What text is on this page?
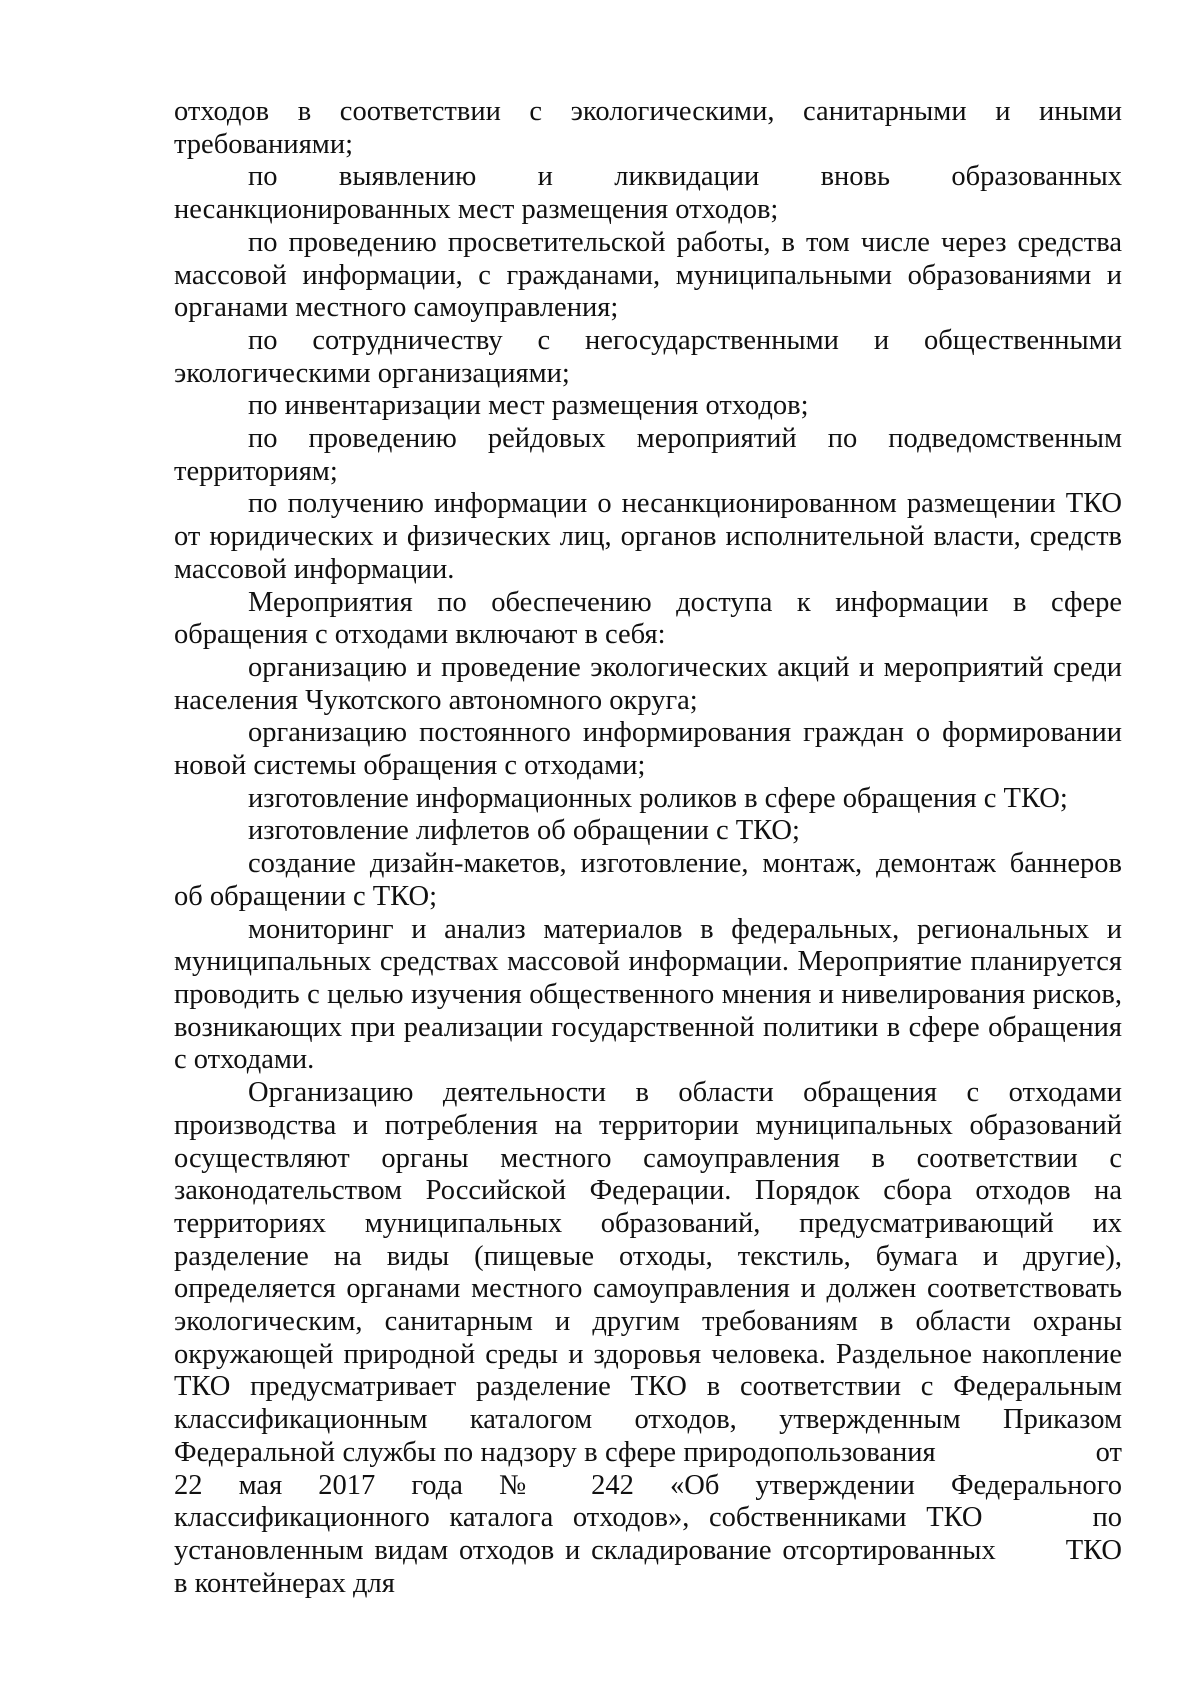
отходов в соответствии с экологическими, санитарными и иными требованиями;

по выявлению и ликвидации вновь образованных несанкционированных мест размещения отходов;

по проведению просветительской работы, в том числе через средства массовой информации, с гражданами, муниципальными образованиями и органами местного самоуправления;

по сотрудничеству с негосударственными и общественными экологическими организациями;

по инвентаризации мест размещения отходов;

по проведению рейдовых мероприятий по подведомственным территориям;

по получению информации о несанкционированном размещении ТКО от юридических и физических лиц, органов исполнительной власти, средств массовой информации.

Мероприятия по обеспечению доступа к информации в сфере обращения с отходами включают в себя:

организацию и проведение экологических акций и мероприятий среди населения Чукотского автономного округа;

организацию постоянного информирования граждан о формировании новой системы обращения с отходами;

изготовление информационных роликов в сфере обращения с ТКО;

изготовление лифлетов об обращении с ТКО;

создание дизайн-макетов, изготовление, монтаж, демонтаж баннеров об обращении с ТКО;

мониторинг и анализ материалов в федеральных, региональных и муниципальных средствах массовой информации. Мероприятие планируется проводить с целью изучения общественного мнения и нивелирования рисков, возникающих при реализации государственной политики в сфере обращения с отходами.

Организацию деятельности в области обращения с отходами производства и потребления на территории муниципальных образований осуществляют органы местного самоуправления в соответствии с законодательством Российской Федерации. Порядок сбора отходов на территориях муниципальных образований, предусматривающий их разделение на виды (пищевые отходы, текстиль, бумага и другие), определяется органами местного самоуправления и должен соответствовать экологическим, санитарным и другим требованиям в области охраны окружающей природной среды и здоровья человека. Раздельное накопление ТКО предусматривает разделение ТКО в соответствии с Федеральным классификационным каталогом отходов, утвержденным Приказом Федеральной службы по надзору в сфере природопользования	от 22 мая 2017 года № 242 «Об утверждении Федерального классификационного каталога отходов», собственниками ТКО	по установленным видам отходов и складирование отсортированных ТКО в контейнерах для
